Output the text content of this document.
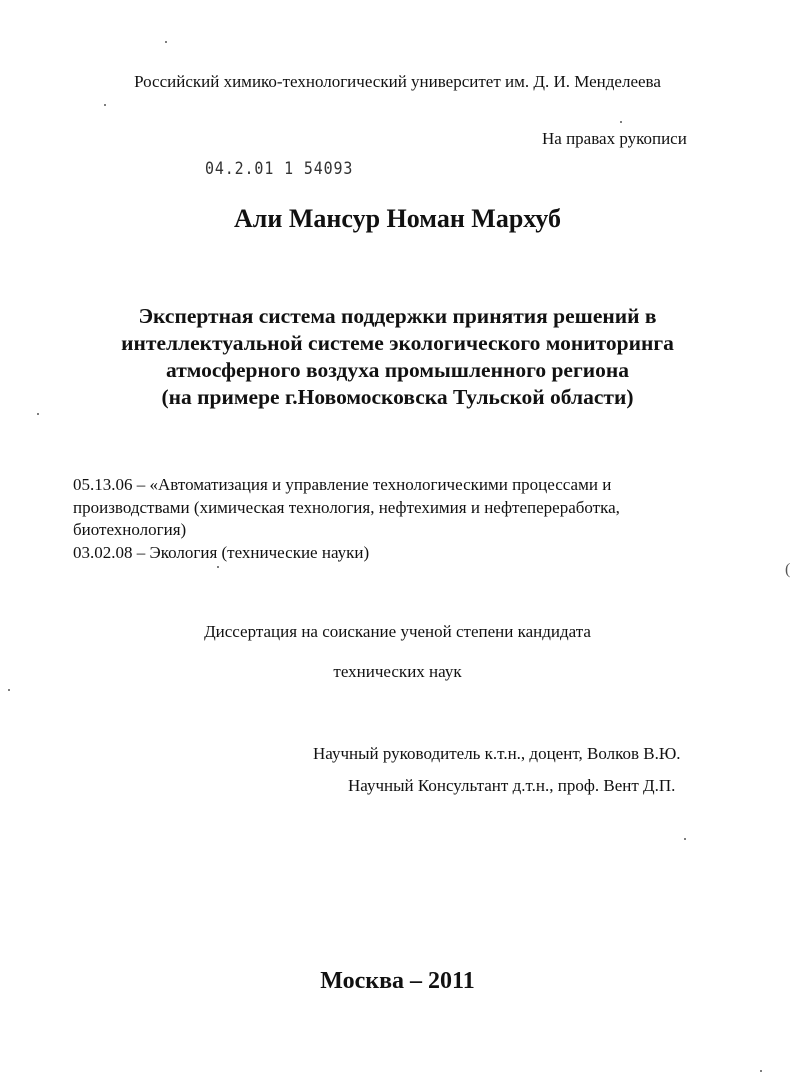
Российский химико-технологический университет им. Д. И. Менделеева
На правах рукописи
04.2.01 1 54093
Али Мансур Номан Мархуб
Экспертная система поддержки принятия решений в
интеллектуальной системе экологического мониторинга
атмосферного воздуха промышленного региона
(на примере г.Новомосковска Тульской области)
05.13.06 – «Автоматизация и управление технологическими процессами и
производствами (химическая технология, нефтехимия и нефтепереработка,
биотехнология)
03.02.08 – Экология (технические науки)
Диссертация на соискание ученой степени кандидата
технических наук
Научный руководитель к.т.н., доцент, Волков В.Ю.
Научный Консультант д.т.н., проф. Вент Д.П.
Москва – 2011
(
